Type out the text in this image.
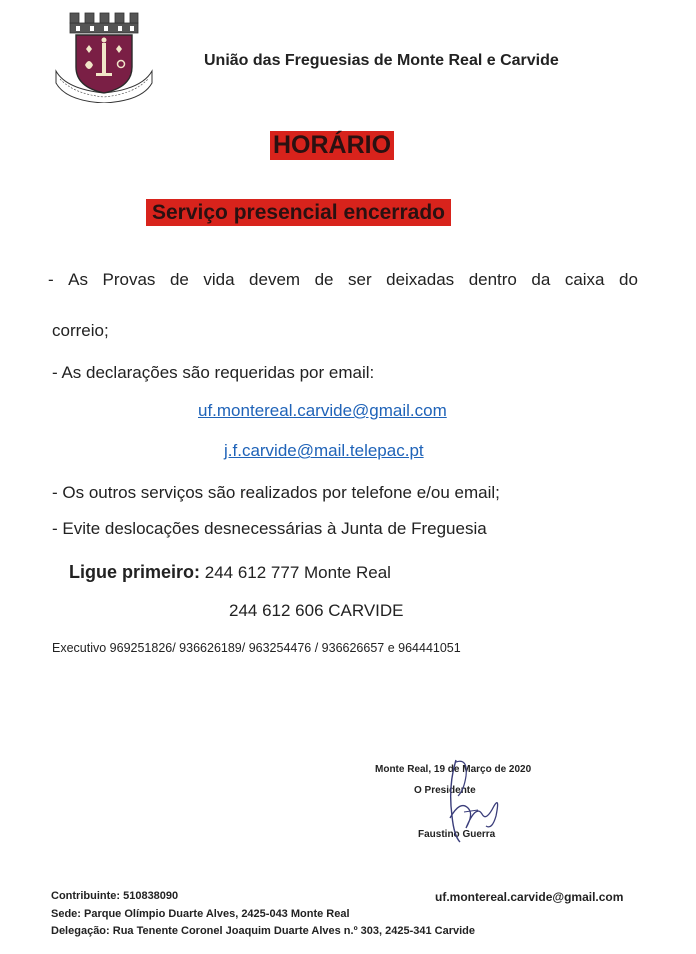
União das Freguesias de Monte Real e Carvide
HORÁRIO
Serviço presencial encerrado
- As Provas de vida devem de ser deixadas dentro da caixa do
correio;
- As declarações são requeridas por email:
uf.montereal.carvide@gmail.com
j.f.carvide@mail.telepac.pt
- Os outros serviços são realizados por telefone e/ou email;
- Evite deslocações desnecessárias à Junta de Freguesia
Ligue primeiro: 244 612 777 Monte Real
244 612 606 CARVIDE
Executivo 969251826/ 936626189/ 963254476 / 936626657 e 964441051
Monte Real, 19 de Março de 2020
O Presidente
Faustino Guerra
Contribuinte: 510838090
Sede: Parque Olímpio Duarte Alves, 2425-043 Monte Real
Delegação: Rua Tenente Coronel Joaquim Duarte Alves n.º 303, 2425-341 Carvide
uf.montereal.carvide@gmail.com
